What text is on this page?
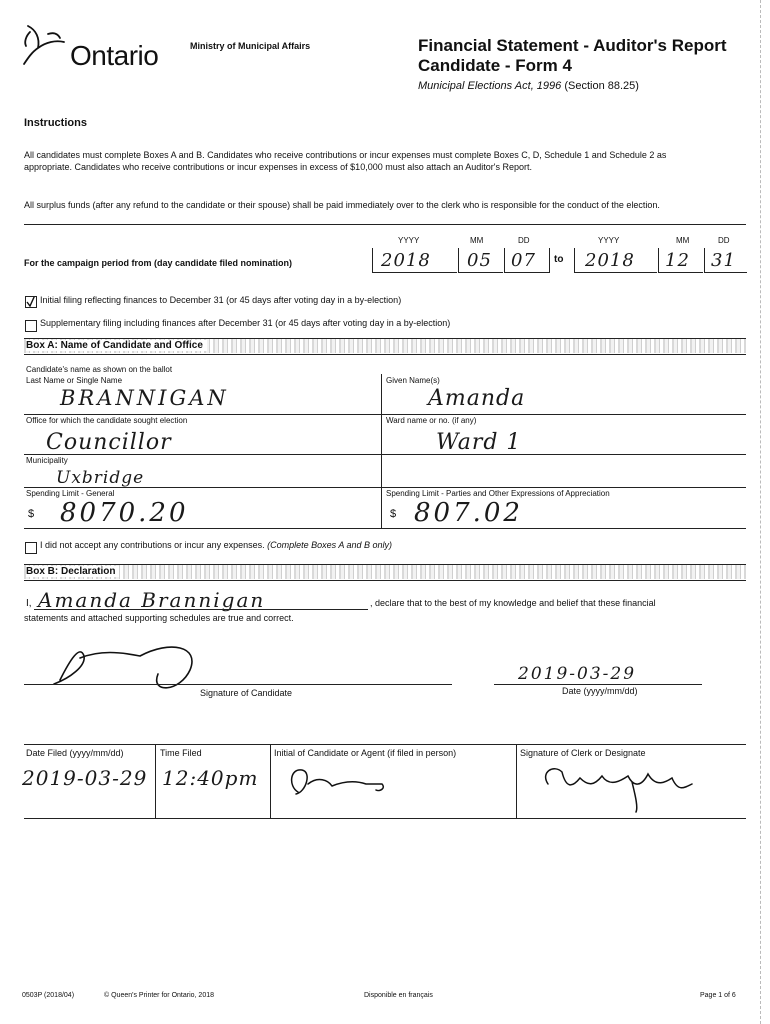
Ontario	Ministry of Municipal Affairs	Financial Statement - Auditor's Report
Candidate - Form 4
Municipal Elections Act, 1996 (Section 88.25)
Instructions
All candidates must complete Boxes A and B. Candidates who receive contributions or incur expenses must complete Boxes C, D, Schedule 1 and Schedule 2 as appropriate. Candidates who receive contributions or incur expenses in excess of $10,000 must also attach an Auditor's Report.
All surplus funds (after any refund to the candidate or their spouse) shall be paid immediately over to the clerk who is responsible for the conduct of the election.
YYYY	MM	DD	YYYY	MM	DD
For the campaign period from (day candidate filed nomination)	2018 05 07 to 2018 12 31
Initial filing reflecting finances to December 31 (or 45 days after voting day in a by-election)
Supplementary filing including finances after December 31 (or 45 days after voting day in a by-election)
Box A: Name of Candidate and Office
Candidate's name as shown on the ballot
Last Name or Single Name	Given Name(s)
BRANNIGAN	Amanda
Office for which the candidate sought election	Ward name or no. (if any)
Councillor	Ward 1
Municipality
Uxbridge
Spending Limit - General	Spending Limit - Parties and Other Expressions of Appreciation
$ 8070.20	$ 807.02
I did not accept any contributions or incur any expenses. (Complete Boxes A and B only)
Box B: Declaration
I, Amanda Brannigan	, declare that to the best of my knowledge and belief that these financial
statements and attached supporting schedules are true and correct.
Signature of Candidate
2019-03-29
Date (yyyy/mm/dd)
Date Filed (yyyy/mm/dd)	Time Filed	Initial of Candidate or Agent (if filed in person)	Signature of Clerk or Designate
2019-03-29 12:40pm
0503P (2018/04)	© Queen's Printer for Ontario, 2018	Disponible en français	Page 1 of 6
